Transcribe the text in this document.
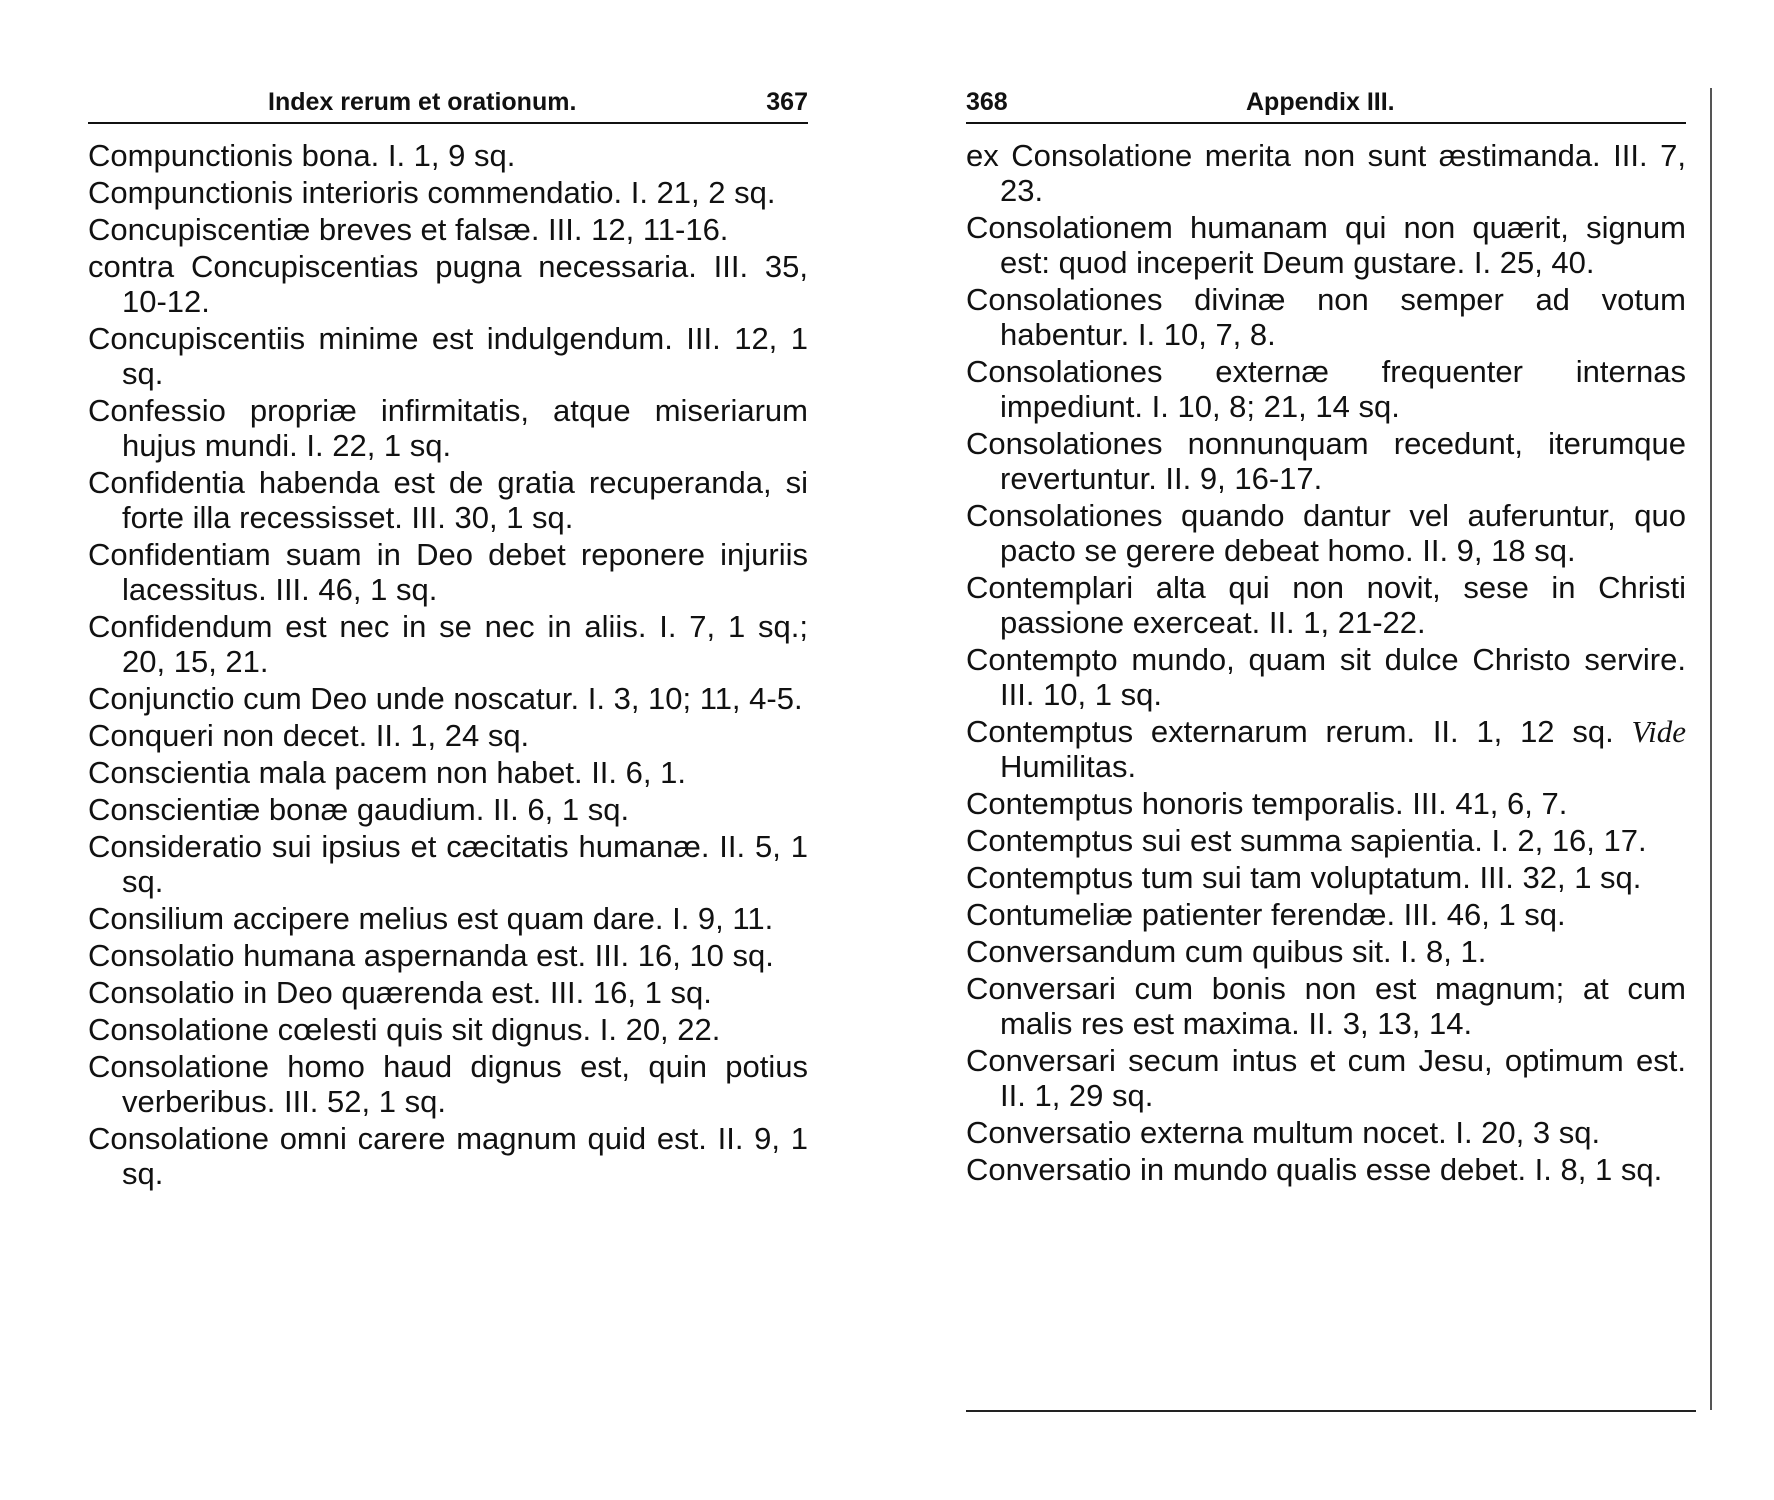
Index rerum et orationum.	367

Compunctionis bona. I. 1, 9 sq.

Compunctionis interioris commendatio. I. 21, 2 sq.

Concupiscentiæ breves et falsæ. III. 12, 11-16.

contra Concupiscentias pugna necessaria. III. 35, 10-12.

Concupiscentiis minime est indulgendum. III. 12, 1 sq.

Confessio propriæ infirmitatis, atque miseriarum hujus mundi. I. 22, 1 sq.

Confidentia habenda est de gratia recuperanda, si forte illa recessisset. III. 30, 1 sq.

Confidentiam suam in Deo debet reponere injuriis lacessitus. III. 46, 1 sq.

Confidendum est nec in se nec in aliis. I. 7, 1 sq.; 20, 15, 21.

Conjunctio cum Deo unde noscatur. I. 3, 10; 11, 4-5.

Conqueri non decet. II. 1, 24 sq.

Conscientia mala pacem non habet. II. 6, 1.

Conscientiæ bonæ gaudium. II. 6, 1 sq.

Consideratio sui ipsius et cæcitatis humanæ. II. 5, 1 sq.

Consilium accipere melius est quam dare. I. 9, 11.

Consolatio humana aspernanda est. III. 16, 10 sq.

Consolatio in Deo quærenda est. III. 16, 1 sq.

Consolatione cœlesti quis sit dignus. I. 20, 22.

Consolatione homo haud dignus est, quin potius verberibus. III. 52, 1 sq.

Consolatione omni carere magnum quid est. II. 9, 1 sq.

368	Appendix III.

ex Consolatione merita non sunt æstimanda. III. 7, 23.

Consolationem humanam qui non quærit, signum est: quod inceperit Deum gustare. I. 25, 40.

Consolationes divinæ non semper ad votum habentur. I. 10, 7, 8.

Consolationes externæ frequenter internas impediunt. I. 10, 8; 21, 14 sq.

Consolationes nonnunquam recedunt, iterumque revertuntur. II. 9, 16-17.

Consolationes quando dantur vel auferuntur, quo pacto se gerere debeat homo. II. 9, 18 sq.

Contemplari alta qui non novit, sese in Christi passione exerceat. II. 1, 21-22.

Contempto mundo, quam sit dulce Christo servire. III. 10, 1 sq.

Contemptus externarum rerum. II. 1, 12 sq. Vide Humilitas.

Contemptus honoris temporalis. III. 41, 6, 7.

Contemptus sui est summa sapientia. I. 2, 16, 17.

Contemptus tum sui tam voluptatum. III. 32, 1 sq.

Contumeliæ patienter ferendæ. III. 46, 1 sq.

Conversandum cum quibus sit. I. 8, 1.

Conversari cum bonis non est magnum; at cum malis res est maxima. II. 3, 13, 14.

Conversari secum intus et cum Jesu, optimum est. II. 1, 29 sq.

Conversatio externa multum nocet. I. 20, 3 sq.

Conversatio in mundo qualis esse debet. I. 8, 1 sq.
